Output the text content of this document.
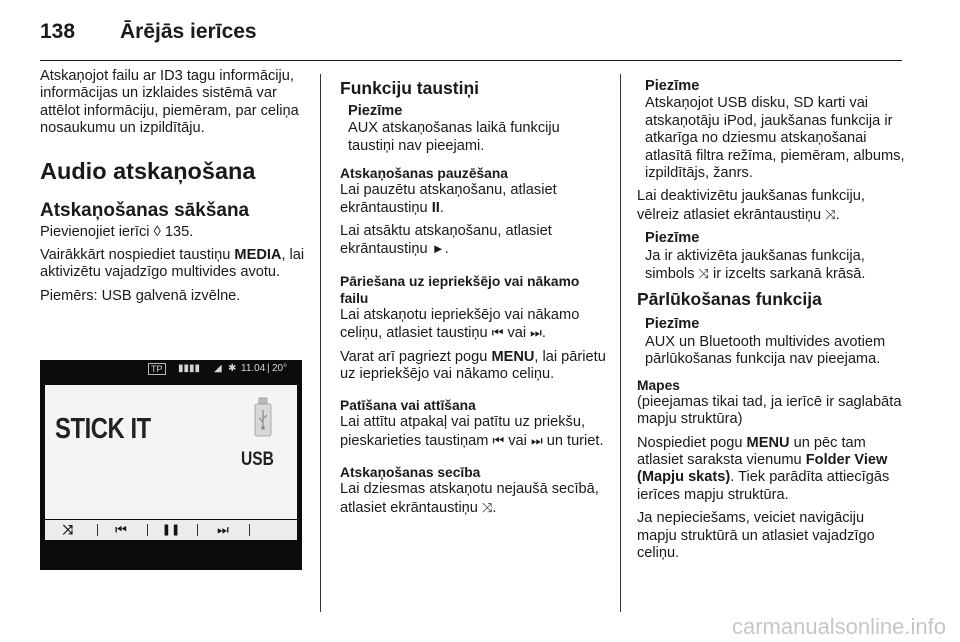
138 Ārējās ierīces

Atskaņojot failu ar ID3 tagu informāciju, informācijas un izklaides sistēmā var attēlot informāciju, piemēram, par celiņa nosaukumu un izpildītāju.

Audio atskaņošana
Atskaņošanas sākšana

Pievienojiet ierīci ◊ 135.

Vairākkārt nospiediet taustiņu MEDIA, lai aktivizētu vajadzīgo multivides avotu.

Piemērs: USB galvenā izvēlne.

TP	▮▮▮▮ ◢ ✱ 11.04 | 20°
STICK IT
USB
⤨	⏮	❚❚	⏭
Funkciju taustiņi
Piezīme
AUX atskaņošanas laikā funkciju taustiņi nav pieejami.
Atskaņošanas pauzēšana

Lai pauzētu atskaņošanu, atlasiet ekrāntaustiņu II.

Lai atsāktu atskaņošanu, atlasiet ekrāntaustiņu ►.

Pāriešana uz iepriekšējo vai nākamo failu

Lai atskaņotu iepriekšējo vai nākamo celiņu, atlasiet taustiņu ⏮ vai ⏭.

Varat arī pagriezt pogu MENU, lai pārietu uz iepriekšējo vai nākamo celiņu.

Patīšana vai attīšana

Lai attītu atpakaļ vai patītu uz priekšu, pieskarieties taustiņam ⏮ vai ⏭ un turiet.

Atskaņošanas secība

Lai dziesmas atskaņotu nejaušā secībā, atlasiet ekrāntaustiņu ⤨.

Piezīme
Atskaņojot USB disku, SD karti vai atskaņotāju iPod, jaukšanas funkcija ir atkarīga no dziesmu atskaņošanai atlasītā filtra režīma, piemēram, albums, izpildītājs, žanrs.

Lai deaktivizētu jaukšanas funkciju, vēlreiz atlasiet ekrāntaustiņu ⤨.

Piezīme
Ja ir aktivizēta jaukšanas funkcija, simbols ⤨ ir izcelts sarkanā krāsā.
Pārlūkošanas funkcija
Piezīme
AUX un Bluetooth multivides avotiem pārlūkošanas funkcija nav pieejama.
Mapes

(pieejamas tikai tad, ja ierīcē ir saglabāta mapju struktūra)

Nospiediet pogu MENU un pēc tam atlasiet saraksta vienumu Folder View (Mapju skats). Tiek parādīta attiecīgās ierīces mapju struktūra.

Ja nepieciešams, veiciet navigāciju mapju struktūrā un atlasiet vajadzīgo celiņu.

carmanualsonline.info
